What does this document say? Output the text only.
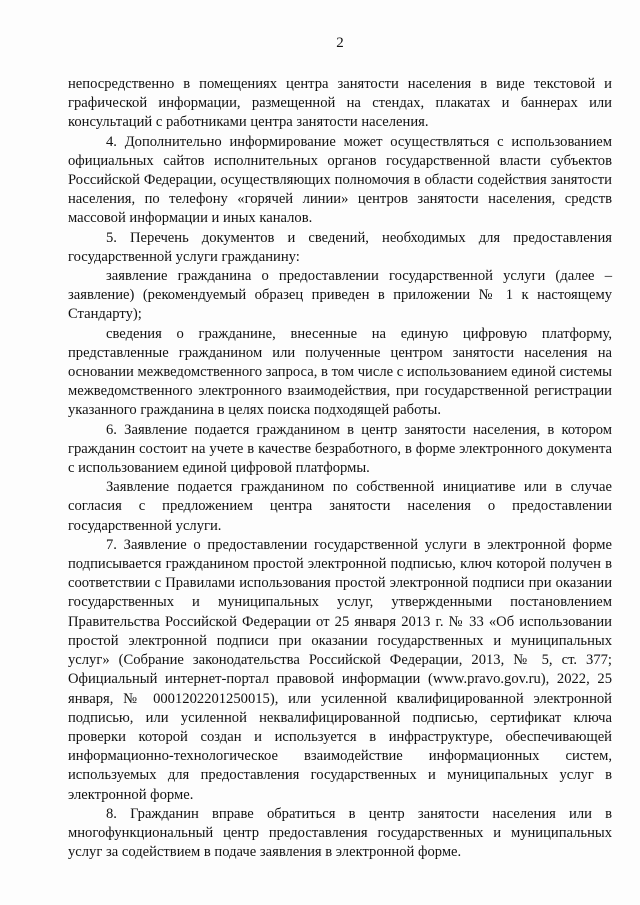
2

непосредственно в помещениях центра занятости населения в виде текстовой и графической информации, размещенной на стендах, плакатах и баннерах или консультаций с работниками центра занятости населения.

4. Дополнительно информирование может осуществляться с использованием официальных сайтов исполнительных органов государственной власти субъектов Российской Федерации, осуществляющих полномочия в области содействия занятости населения, по телефону «горячей линии» центров занятости населения, средств массовой информации и иных каналов.

5. Перечень документов и сведений, необходимых для предоставления государственной услуги гражданину:

заявление гражданина о предоставлении государственной услуги (далее – заявление) (рекомендуемый образец приведен в приложении № 1 к настоящему Стандарту);

сведения о гражданине, внесенные на единую цифровую платформу, представленные гражданином или полученные центром занятости населения на основании межведомственного запроса, в том числе с использованием единой системы межведомственного электронного взаимодействия, при государственной регистрации указанного гражданина в целях поиска подходящей работы.

6. Заявление подается гражданином в центр занятости населения, в котором гражданин состоит на учете в качестве безработного, в форме электронного документа с использованием единой цифровой платформы.

Заявление подается гражданином по собственной инициативе или в случае согласия с предложением центра занятости населения о предоставлении государственной услуги.

7. Заявление о предоставлении государственной услуги в электронной форме подписывается гражданином простой электронной подписью, ключ которой получен в соответствии с Правилами использования простой электронной подписи при оказании государственных и муниципальных услуг, утвержденными постановлением Правительства Российской Федерации от 25 января 2013 г. № 33 «Об использовании простой электронной подписи при оказании государственных и муниципальных услуг» (Собрание законодательства Российской Федерации, 2013, № 5, ст. 377; Официальный интернет-портал правовой информации (www.pravo.gov.ru), 2022, 25 января, № 0001202201250015), или усиленной квалифицированной электронной подписью, или усиленной неквалифицированной подписью, сертификат ключа проверки которой создан и используется в инфраструктуре, обеспечивающей информационно-технологическое взаимодействие информационных систем, используемых для предоставления государственных и муниципальных услуг в электронной форме.

8. Гражданин вправе обратиться в центр занятости населения или в многофункциональный центр предоставления государственных и муниципальных услуг за содействием в подаче заявления в электронной форме.
